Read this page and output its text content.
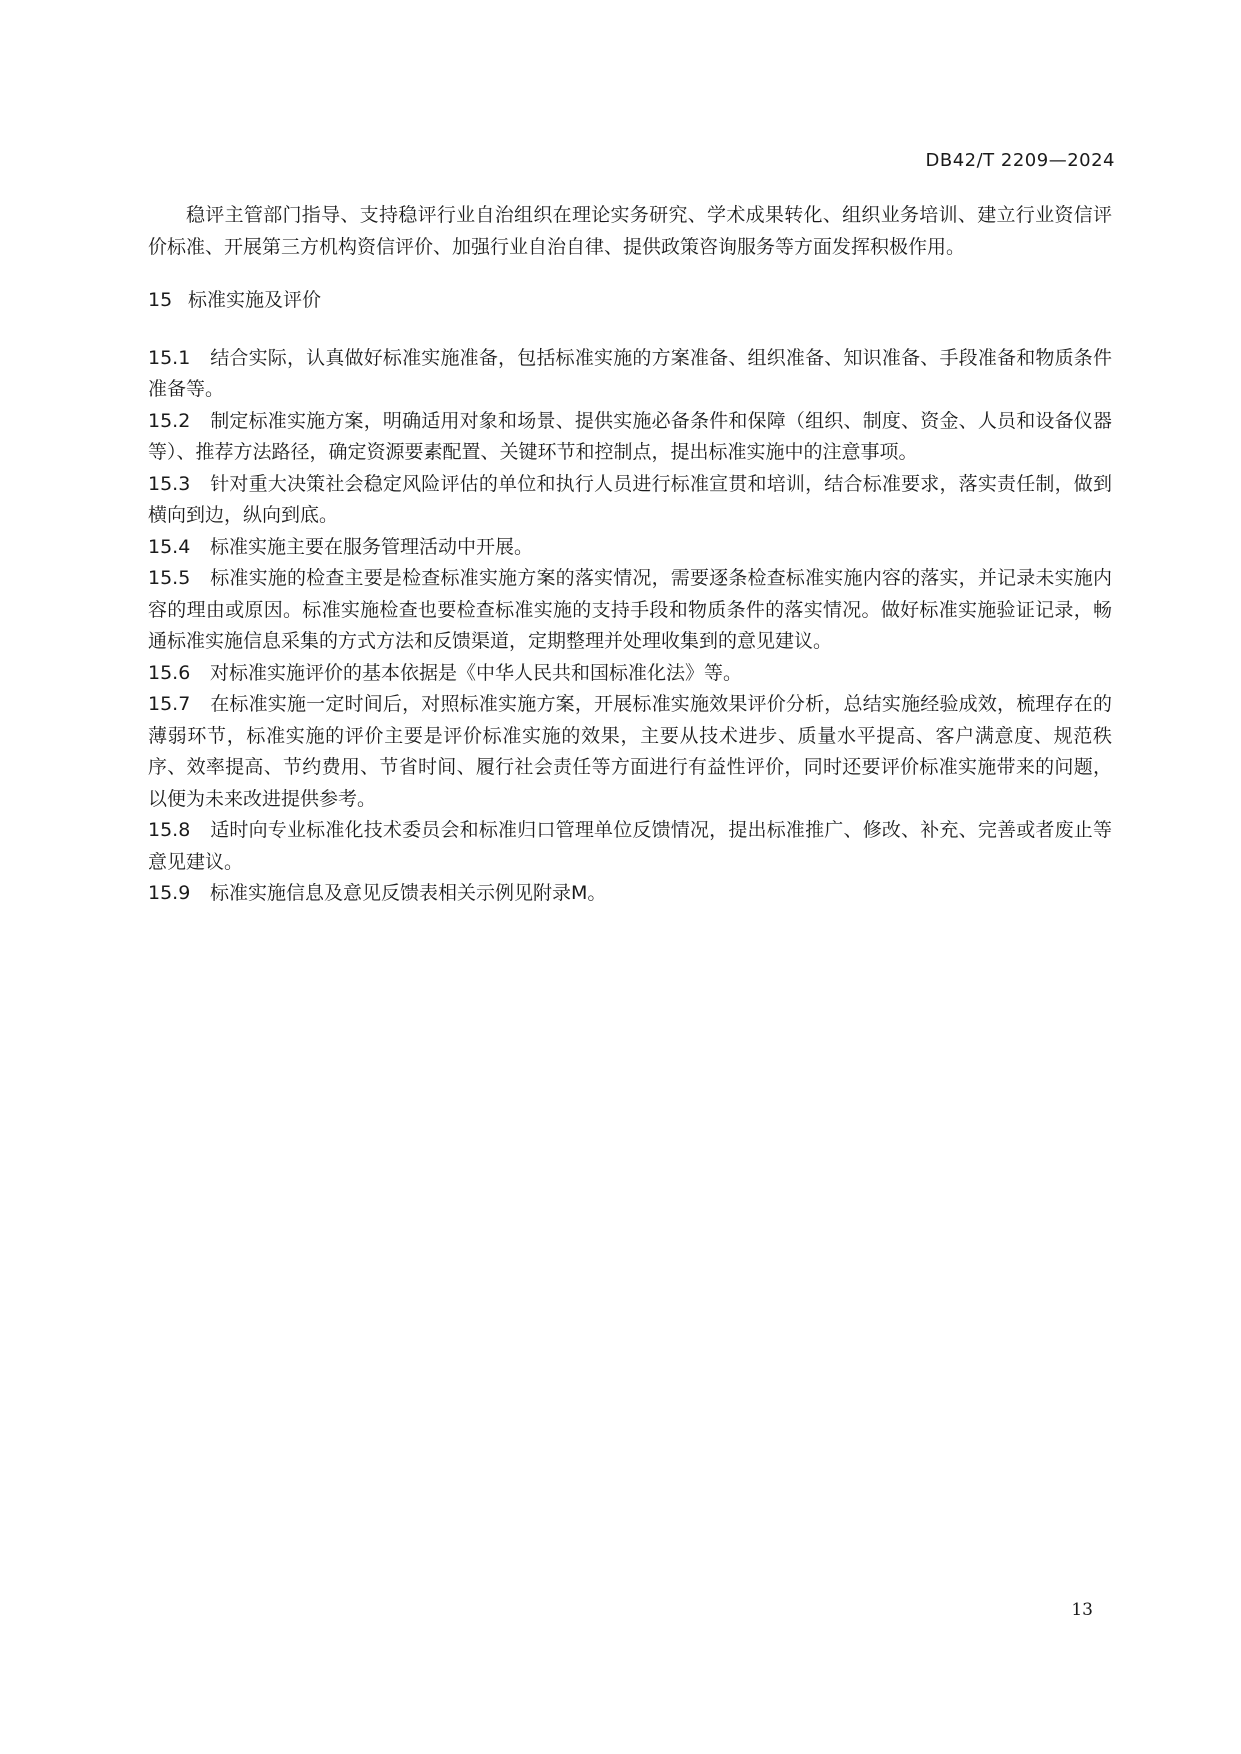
DB42/T 2209—2024

稳评主管部门指导、支持稳评行业自治组织在理论实务研究、学术成果转化、组织业务培训、建立行业资信评价标准、开展第三方机构资信评价、加强行业自治自律、提供政策咨询服务等方面发挥积极作用。

15 标准实施及评价

15.1 结合实际，认真做好标准实施准备，包括标准实施的方案准备、组织准备、知识准备、手段准备和物质条件准备等。

15.2 制定标准实施方案，明确适用对象和场景、提供实施必备条件和保障（组织、制度、资金、人员和设备仪器等）、推荐方法路径，确定资源要素配置、关键环节和控制点，提出标准实施中的注意事项。

15.3 针对重大决策社会稳定风险评估的单位和执行人员进行标准宣贯和培训，结合标准要求，落实责任制，做到横向到边，纵向到底。

15.4 标准实施主要在服务管理活动中开展。

15.5 标准实施的检查主要是检查标准实施方案的落实情况，需要逐条检查标准实施内容的落实，并记录未实施内容的理由或原因。标准实施检查也要检查标准实施的支持手段和物质条件的落实情况。做好标准实施验证记录，畅通标准实施信息采集的方式方法和反馈渠道，定期整理并处理收集到的意见建议。

15.6 对标准实施评价的基本依据是《中华人民共和国标准化法》等。

15.7 在标准实施一定时间后，对照标准实施方案，开展标准实施效果评价分析，总结实施经验成效，梳理存在的薄弱环节，标准实施的评价主要是评价标准实施的效果，主要从技术进步、质量水平提高、客户满意度、规范秩序、效率提高、节约费用、节省时间、履行社会责任等方面进行有益性评价，同时还要评价标准实施带来的问题，以便为未来改进提供参考。

15.8 适时向专业标准化技术委员会和标准归口管理单位反馈情况，提出标准推广、修改、补充、完善或者废止等意见建议。

15.9 标准实施信息及意见反馈表相关示例见附录M。

13
